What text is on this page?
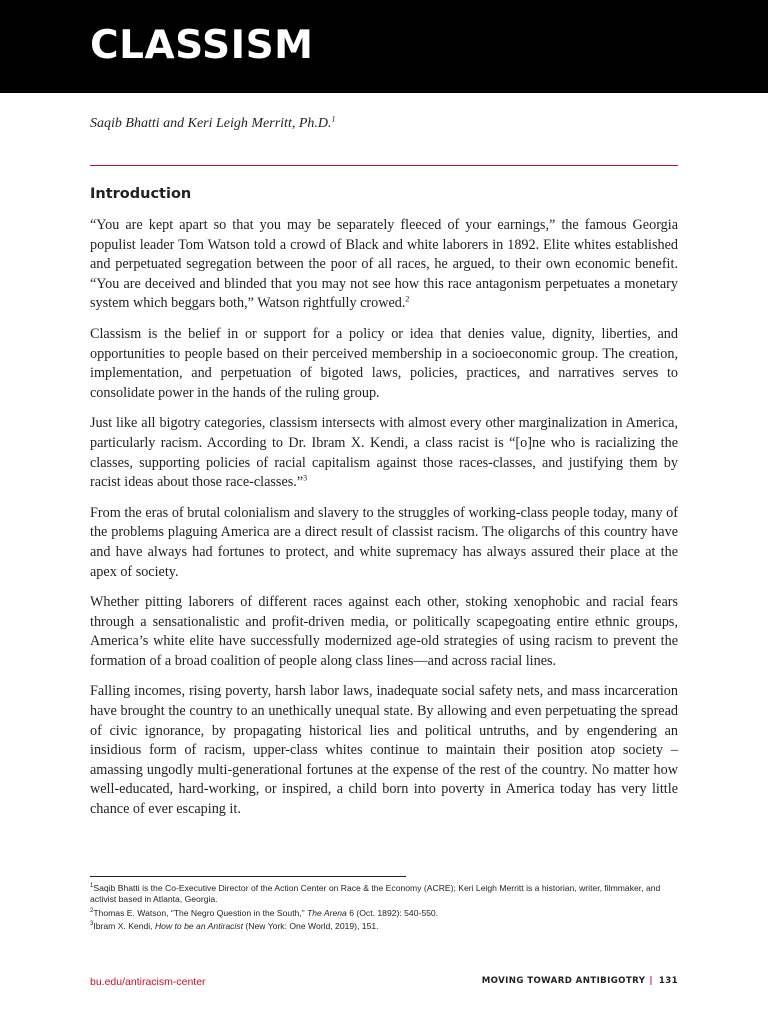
CLASSISM
Saqib Bhatti and Keri Leigh Merritt, Ph.D.$^1$
Introduction

“You are kept apart so that you may be separately fleeced of your earnings,” the famous Georgia populist leader Tom Watson told a crowd of Black and white laborers in 1892. Elite whites established and perpetuated segregation between the poor of all races, he argued, to their own economic benefit. “You are deceived and blinded that you may not see how this race antagonism perpetuates a monetary system which beggars both,” Watson rightfully crowed.$^2$

Classism is the belief in or support for a policy or idea that denies value, dignity, liberties, and opportunities to people based on their perceived membership in a socioeconomic group. The creation, implementation, and perpetuation of bigoted laws, policies, practices, and narratives serves to consolidate power in the hands of the ruling group.

Just like all bigotry categories, classism intersects with almost every other marginalization in America, particularly racism. According to Dr. Ibram X. Kendi, a class racist is “[o]ne who is racializing the classes, supporting policies of racial capitalism against those races-classes, and justifying them by racist ideas about those race-classes.”$^3$

From the eras of brutal colonialism and slavery to the struggles of working-class people today, many of the problems plaguing America are a direct result of classist racism. The oligarchs of this country have and have always had fortunes to protect, and white supremacy has always assured their place at the apex of society.

Whether pitting laborers of different races against each other, stoking xenophobic and racial fears through a sensationalistic and profit-driven media, or politically scapegoating entire ethnic groups, America’s white elite have successfully modernized age-old strategies of using racism to prevent the formation of a broad coalition of people along class lines—and across racial lines.

Falling incomes, rising poverty, harsh labor laws, inadequate social safety nets, and mass incarceration have brought the country to an unethically unequal state. By allowing and even perpetuating the spread of civic ignorance, by propagating historical lies and political untruths, and by engendering an insidious form of racism, upper-class whites continue to maintain their position atop society – amassing ungodly multi-generational fortunes at the expense of the rest of the country. No matter how well-educated, hard-working, or inspired, a child born into poverty in America today has very little chance of ever escaping it.

$^1$Saqib Bhatti is the Co-Executive Director of the Action Center on Race & the Economy (ACRE); Keri Leigh Merritt is a historian, writer, filmmaker, and activist based in Atlanta, Georgia.

$^2$Thomas E. Watson, “The Negro Question in the South,” The Arena 6 (Oct. 1892): 540-550.

$^3$Ibram X. Kendi, How to be an Antiracist (New York: One World, 2019), 151.

bu.edu/antiracism-center	MOVING TOWARD ANTIBIGOTRY | 131
